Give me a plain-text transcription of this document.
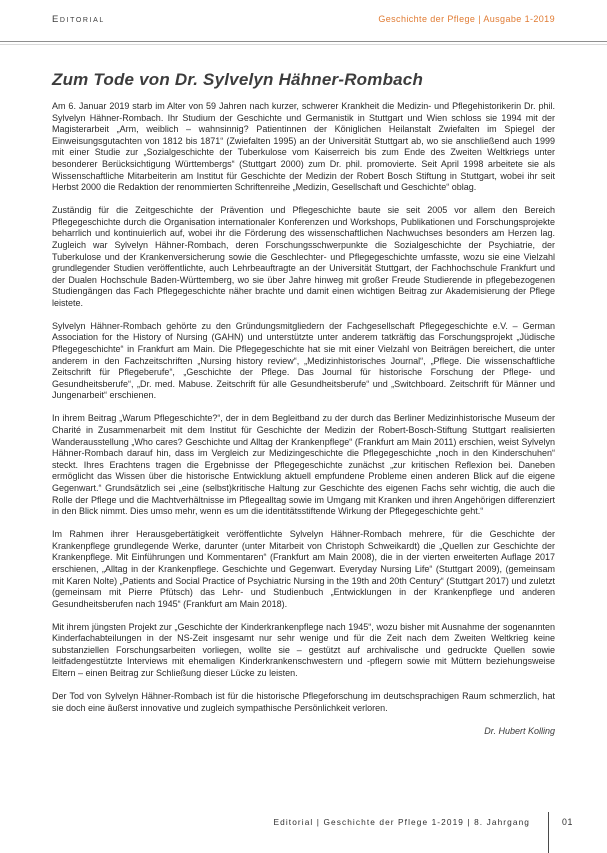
Editorial	Geschichte der Pflege | Ausgabe 1-2019
Zum Tode von Dr. Sylvelyn Hähner-Rombach

Am 6. Januar 2019 starb im Alter von 59 Jahren nach kurzer, schwerer Krankheit die Medizin- und Pflegehistorikerin Dr. phil. Sylvelyn Hähner-Rombach. Ihr Studium der Geschichte und Germanistik in Stuttgart und Wien schloss sie 1994 mit der Magisterarbeit „Arm, weiblich – wahnsinnig? Patientinnen der Königlichen Heilanstalt Zwiefalten im Spiegel der Einweisungsgutachten von 1812 bis 1871“ (Zwiefalten 1995) an der Universität Stuttgart ab, wo sie anschließend auch 1999 mit einer Studie zur „Sozialgeschichte der Tuberkulose vom Kaiserreich bis zum Ende des Zweiten Weltkriegs unter besonderer Berücksichtigung Württembergs“ (Stuttgart 2000) zum Dr. phil. promovierte. Seit April 1998 arbeitete sie als Wissenschaftliche Mitarbeiterin am Institut für Geschichte der Medizin der Robert Bosch Stiftung in Stuttgart, wobei ihr seit Herbst 2000 die Redaktion der renommierten Schriftenreihe „Medizin, Gesellschaft und Geschichte“ oblag.

Zuständig für die Zeitgeschichte der Prävention und Pflegeschichte baute sie seit 2005 vor allem den Bereich Pflegegeschichte durch die Organisation internationaler Konferenzen und Workshops, Publikationen und Forschungsprojekte beharrlich und kontinuierlich auf, wobei ihr die Förderung des wissenschaftlichen Nachwuchses besonders am Herzen lag. Zugleich war Sylvelyn Hähner-Rombach, deren Forschungsschwerpunkte die Sozialgeschichte der Psychiatrie, der Tuberkulose und der Krankenversicherung sowie die Geschlechter- und Pflegegeschichte umfasste, wozu sie eine Vielzahl grundlegender Studien veröffentlichte, auch Lehrbeauftragte an der Universität Stuttgart, der Fachhochschule Frankfurt und der Dualen Hochschule Baden-Württemberg, wo sie über Jahre hinweg mit großer Freude Studierende in pflegebezogenen Studiengängen das Fach Pflegegeschichte näher brachte und damit einen wichtigen Beitrag zur Akademisierung der Pflege leistete.

Sylvelyn Hähner-Rombach gehörte zu den Gründungsmitgliedern der Fachgesellschaft Pflegegeschichte e.V. – German Association for the History of Nursing (GAHN) und unterstützte unter anderem tatkräftig das Forschungsprojekt „Jüdische Pflegegeschichte“ in Frankfurt am Main. Die Pflegegeschichte hat sie mit einer Vielzahl von Beiträgen bereichert, die unter anderem in den Fachzeitschriften „Nursing history review“, „Medizinhistorisches Journal“, „Pflege. Die wissenschaftliche Zeitschrift für Pflegeberufe“, „Geschichte der Pflege. Das Journal für historische Forschung der Pflege- und Gesundheitsberufe“, „Dr. med. Mabuse. Zeitschrift für alle Gesundheitsberufe“ und „Switchboard. Zeitschrift für Männer und Jungenarbeit“ erschienen.

In ihrem Beitrag „Warum Pflegeschichte?“, der in dem Begleitband zu der durch das Berliner Medizinhistorische Museum der Charité in Zusammenarbeit mit dem Institut für Geschichte der Medizin der Robert-Bosch-Stiftung Stuttgart realisierten Wanderausstellung „Who cares? Geschichte und Alltag der Krankenpflege“ (Frankfurt am Main 2011) erschien, weist Sylvelyn Hähner-Rombach darauf hin, dass im Vergleich zur Medizingeschichte die Pflegegeschichte „noch in den Kinderschuhen“ steckt. Ihres Erachtens tragen die Ergebnisse der Pflegegeschichte zunächst „zur kritischen Reflexion bei. Daneben ermöglicht das Wissen über die historische Entwicklung aktuell empfundene Probleme einen anderen Blick auf die eigene Gegenwart.“ Grundsätzlich sei „eine (selbst)kritische Haltung zur Geschichte des eigenen Fachs sehr wichtig, die auch die Rolle der Pflege und die Machtverhältnisse im Pflegealltag sowie im Umgang mit Kranken und ihren Angehörigen differenziert in den Blick nimmt. Dies umso mehr, wenn es um die identitätsstiftende Wirkung der Pflegegeschichte geht.“

Im Rahmen ihrer Herausgebertätigkeit veröffentlichte Sylvelyn Hähner-Rombach mehrere, für die Geschichte der Krankenpflege grundlegende Werke, darunter (unter Mitarbeit von Christoph Schweikardt) die „Quellen zur Geschichte der Krankenpflege. Mit Einführungen und Kommentaren“ (Frankfurt am Main 2008), die in der vierten erweiterten Auflage 2017 erschienen, „Alltag in der Krankenpflege. Geschichte und Gegenwart. Everyday Nursing Life“ (Stuttgart 2009), (gemeinsam mit Karen Nolte) „Patients and Social Practice of Psychiatric Nursing in the 19th and 20th Century“ (Stuttgart 2017) und zuletzt (gemeinsam mit Pierre Pfütsch) das Lehr- und Studienbuch „Entwicklungen in der Krankenpflege und anderen Gesundheitsberufen nach 1945“ (Frankfurt am Main 2018).

Mit ihrem jüngsten Projekt zur „Geschichte der Kinderkrankenpflege nach 1945“, wozu bisher mit Ausnahme der sogenannten Kinderfachabteilungen in der NS-Zeit insgesamt nur sehr wenige und für die Zeit nach dem Zweiten Weltkrieg keine substanziellen Forschungsarbeiten vorliegen, wollte sie – gestützt auf archivalische und gedruckte Quellen sowie leitfadengestützte Interviews mit ehemaligen Kinderkrankenschwestern und -pflegern sowie mit Müttern beziehungsweise Eltern – einen Beitrag zur Schließung dieser Lücke zu leisten.

Der Tod von Sylvelyn Hähner-Rombach ist für die historische Pflegeforschung im deutschsprachigen Raum schmerzlich, hat sie doch eine äußerst innovative und zugleich sympathische Persönlichkeit verloren.

Dr. Hubert Kolling
Editorial | Geschichte der Pflege 1-2019 | 8. Jahrgang	01
